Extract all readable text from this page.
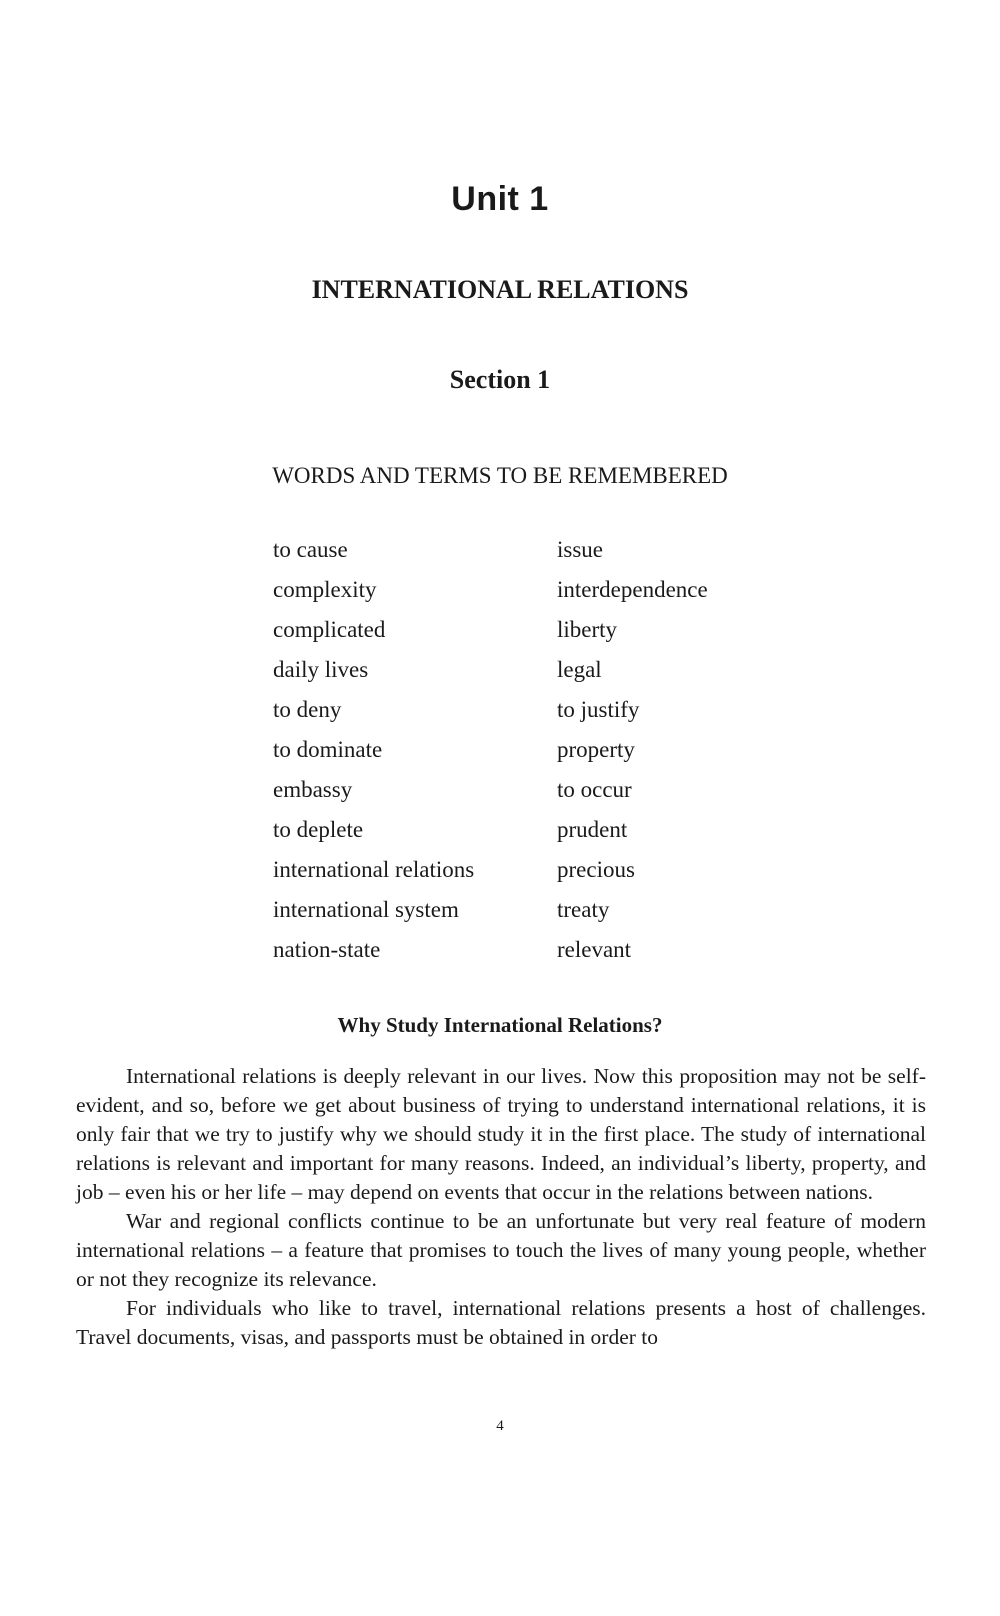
Unit 1
INTERNATIONAL RELATIONS
Section 1
WORDS AND TERMS TO BE REMEMBERED
to cause
complexity
complicated
daily lives
to deny
to dominate
embassy
to deplete
international relations
international system
nation-state
issue
interdependence
liberty
legal
to justify
property
to occur
prudent
precious
treaty
relevant
Why Study International Relations?

International relations is deeply relevant in our lives. Now this proposition may not be self-evident, and so, before we get about business of trying to understand international relations, it is only fair that we try to justify why we should study it in the first place. The study of international relations is relevant and important for many reasons. Indeed, an individual’s liberty, property, and job – even his or her life – may depend on events that occur in the relations between nations.

War and regional conflicts continue to be an unfortunate but very real feature of modern international relations – a feature that promises to touch the lives of many young people, whether or not they recognize its relevance.

For individuals who like to travel, international relations presents a host of challenges. Travel documents, visas, and passports must be obtained in order to

4
